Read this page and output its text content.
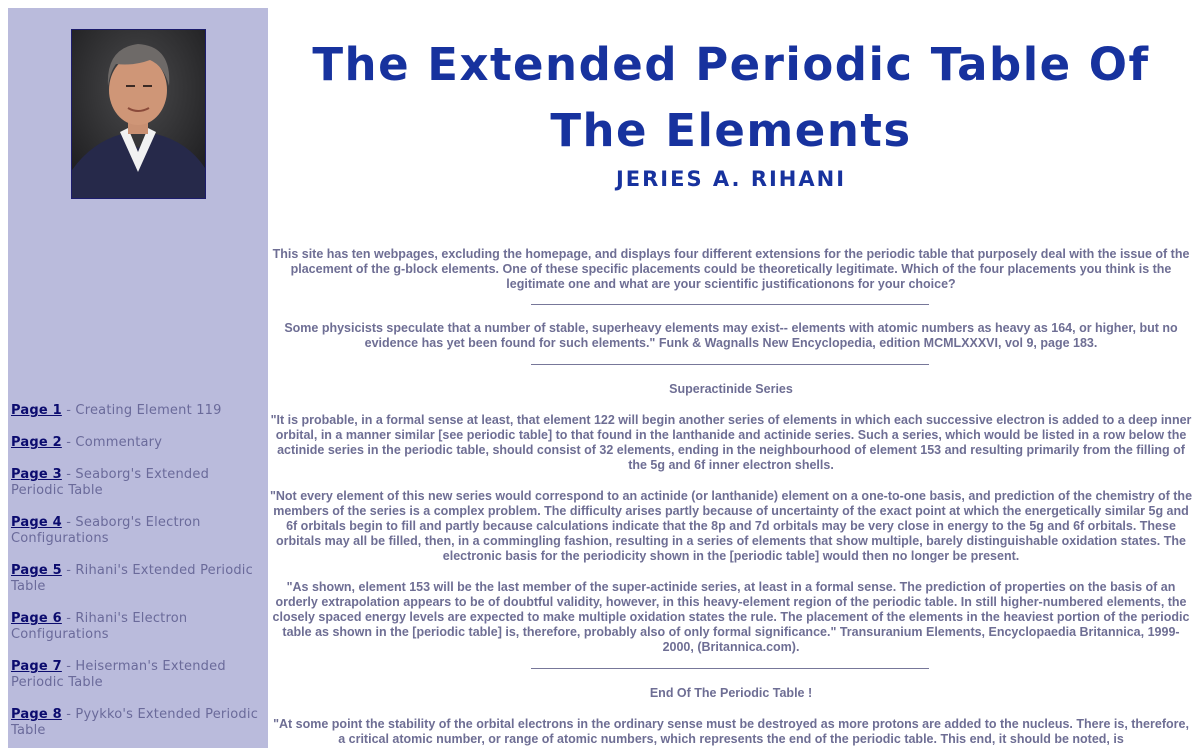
Page 1 - Creating Element 119
Page 2 - Commentary
Page 3 - Seaborg's Extended Periodic Table
Page 4 - Seaborg's Electron Configurations
Page 5 - Rihani's Extended Periodic Table
Page 6 - Rihani's Electron Configurations
Page 7 - Heiserman's Extended Periodic Table
Page 8 - Pyykko's Extended Periodic Table
The Extended Periodic Table Of The Elements
JERIES A. RIHANI

This site has ten webpages, excluding the homepage, and displays four different extensions for the periodic table that purposely deal with the issue of the placement of the g-block elements. One of these specific placements could be theoretically legitimate. Which of the four placements you think is the legitimate one and what are your scientific justificationons for your choice?

Some physicists speculate that a number of stable, superheavy elements may exist-- elements with atomic numbers as heavy as 164, or higher, but no evidence has yet been found for such elements." Funk & Wagnalls New Encyclopedia, edition MCMLXXXVI, vol 9, page 183.

Superactinide Series

"It is probable, in a formal sense at least, that element 122 will begin another series of elements in which each successive electron is added to a deep inner orbital, in a manner similar [see periodic table] to that found in the lanthanide and actinide series. Such a series, which would be listed in a row below the actinide series in the periodic table, should consist of 32 elements, ending in the neighbourhood of element 153 and resulting primarily from the filling of the 5g and 6f inner electron shells.

"Not every element of this new series would correspond to an actinide (or lanthanide) element on a one-to-one basis, and prediction of the chemistry of the members of the series is a complex problem. The difficulty arises partly because of uncertainty of the exact point at which the energetically similar 5g and 6f orbitals begin to fill and partly because calculations indicate that the 8p and 7d orbitals may be very close in energy to the 5g and 6f orbitals. These orbitals may all be filled, then, in a commingling fashion, resulting in a series of elements that show multiple, barely distinguishable oxidation states. The electronic basis for the periodicity shown in the [periodic table] would then no longer be present.

"As shown, element 153 will be the last member of the super-actinide series, at least in a formal sense. The prediction of properties on the basis of an orderly extrapolation appears to be of doubtful validity, however, in this heavy-element region of the periodic table. In still higher-numbered elements, the closely spaced energy levels are expected to make multiple oxidation states the rule. The placement of the elements in the heaviest portion of the periodic table as shown in the [periodic table] is, therefore, probably also of only formal significance." Transuranium Elements, Encyclopaedia Britannica, 1999-2000, (Britannica.com).

End Of The Periodic Table !

"At some point the stability of the orbital electrons in the ordinary sense must be destroyed as more protons are added to the nucleus. There is, therefore, a critical atomic number, or range of atomic numbers, which represents the end of the periodic table. This end, it should be noted, is
